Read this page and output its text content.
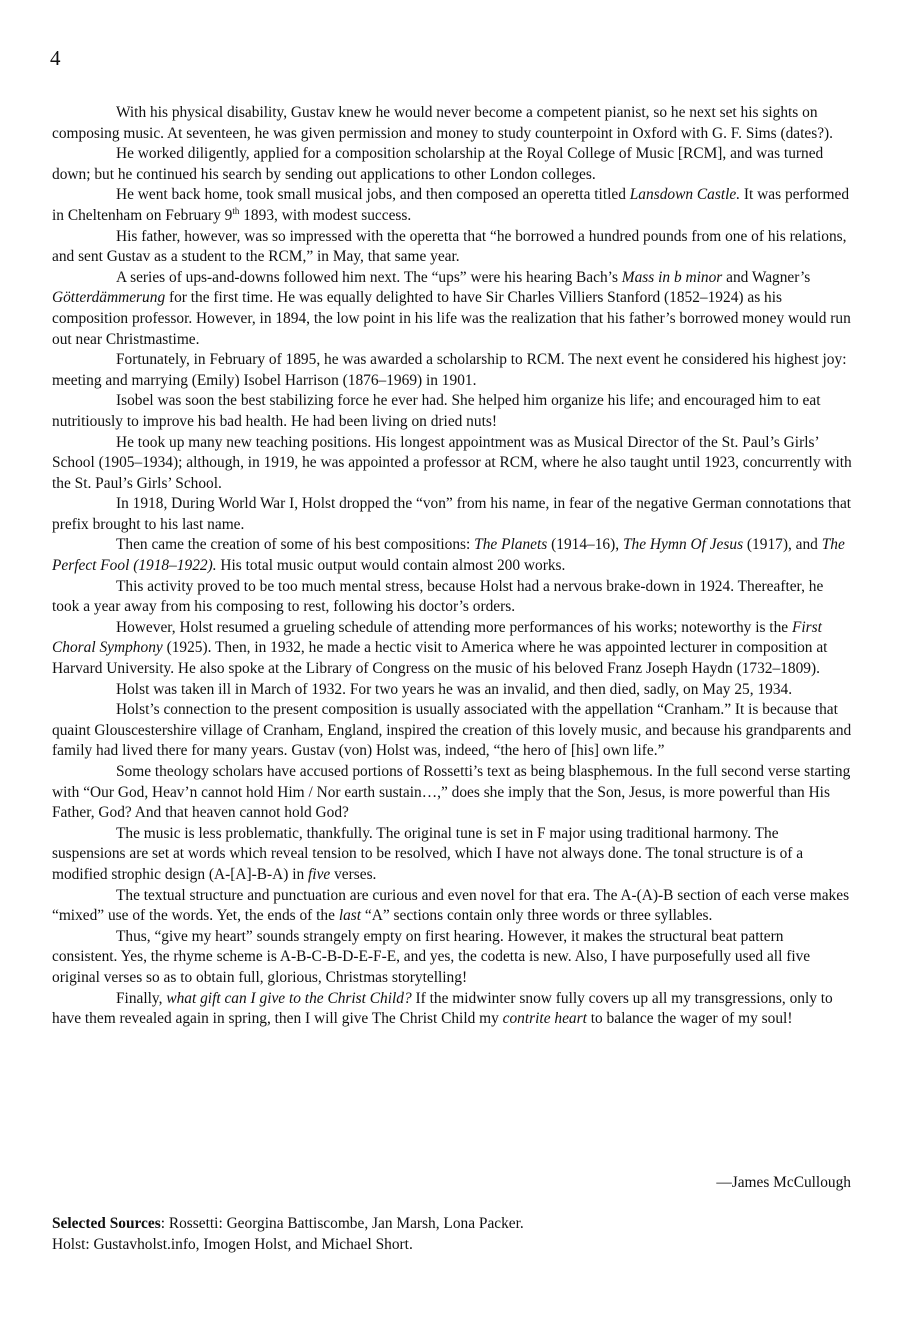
4

With his physical disability, Gustav knew he would never become a competent pianist, so he next set his sights on composing music. At seventeen, he was given permission and money to study counterpoint in Oxford with G. F. Sims (dates?).

He worked diligently, applied for a composition scholarship at the Royal College of Music [RCM], and was turned down; but he continued his search by sending out applications to other London colleges.

He went back home, took small musical jobs, and then composed an operetta titled Lansdown Castle. It was performed in Cheltenham on February 9th 1893, with modest success.

His father, however, was so impressed with the operetta that “he borrowed a hundred pounds from one of his relations, and sent Gustav as a student to the RCM,” in May, that same year.

A series of ups-and-downs followed him next. The “ups” were his hearing Bach’s Mass in b minor and Wagner’s Götterdämmerung for the first time. He was equally delighted to have Sir Charles Villiers Stanford (1852–1924) as his composition professor. However, in 1894, the low point in his life was the realization that his father’s borrowed money would run out near Christmastime.

Fortunately, in February of 1895, he was awarded a scholarship to RCM. The next event he considered his highest joy: meeting and marrying (Emily) Isobel Harrison (1876–1969) in 1901.

Isobel was soon the best stabilizing force he ever had. She helped him organize his life; and encouraged him to eat nutritiously to improve his bad health. He had been living on dried nuts!

He took up many new teaching positions. His longest appointment was as Musical Director of the St. Paul’s Girls’ School (1905–1934); although, in 1919, he was appointed a professor at RCM, where he also taught until 1923, concurrently with the St. Paul’s Girls’ School.

In 1918, During World War I, Holst dropped the “von” from his name, in fear of the negative German connotations that prefix brought to his last name.

Then came the creation of some of his best compositions: The Planets (1914–16), The Hymn Of Jesus (1917), and The Perfect Fool (1918–1922). His total music output would contain almost 200 works.

This activity proved to be too much mental stress, because Holst had a nervous brake-down in 1924. Thereafter, he took a year away from his composing to rest, following his doctor’s orders.

However, Holst resumed a grueling schedule of attending more performances of his works; noteworthy is the First Choral Symphony (1925). Then, in 1932, he made a hectic visit to America where he was appointed lecturer in composition at Harvard University. He also spoke at the Library of Congress on the music of his beloved Franz Joseph Haydn (1732–1809).

Holst was taken ill in March of 1932. For two years he was an invalid, and then died, sadly, on May 25, 1934.

Holst’s connection to the present composition is usually associated with the appellation “Cranham.” It is because that quaint Glouscestershire village of Cranham, England, inspired the creation of this lovely music, and because his grandparents and family had lived there for many years. Gustav (von) Holst was, indeed, “the hero of [his] own life.”

Some theology scholars have accused portions of Rossetti’s text as being blasphemous. In the full second verse starting with “Our God, Heav’n cannot hold Him / Nor earth sustain…,” does she imply that the Son, Jesus, is more powerful than His Father, God? And that heaven cannot hold God?

The music is less problematic, thankfully. The original tune is set in F major using traditional harmony. The suspensions are set at words which reveal tension to be resolved, which I have not always done. The tonal structure is of a modified strophic design (A-[A]-B-A) in five verses.

The textual structure and punctuation are curious and even novel for that era. The A-(A)-B section of each verse makes “mixed” use of the words. Yet, the ends of the last “A” sections contain only three words or three syllables.

Thus, “give my heart” sounds strangely empty on first hearing. However, it makes the structural beat pattern consistent. Yes, the rhyme scheme is A-B-C-B-D-E-F-E, and yes, the codetta is new. Also, I have purposefully used all five original verses so as to obtain full, glorious, Christmas storytelling!

Finally, what gift can I give to the Christ Child? If the midwinter snow fully covers up all my transgressions, only to have them revealed again in spring, then I will give The Christ Child my contrite heart to balance the wager of my soul!

—James McCullough
Selected Sources: Rossetti: Georgina Battiscombe, Jan Marsh, Lona Packer.
Holst: Gustavholst.info, Imogen Holst, and Michael Short.
